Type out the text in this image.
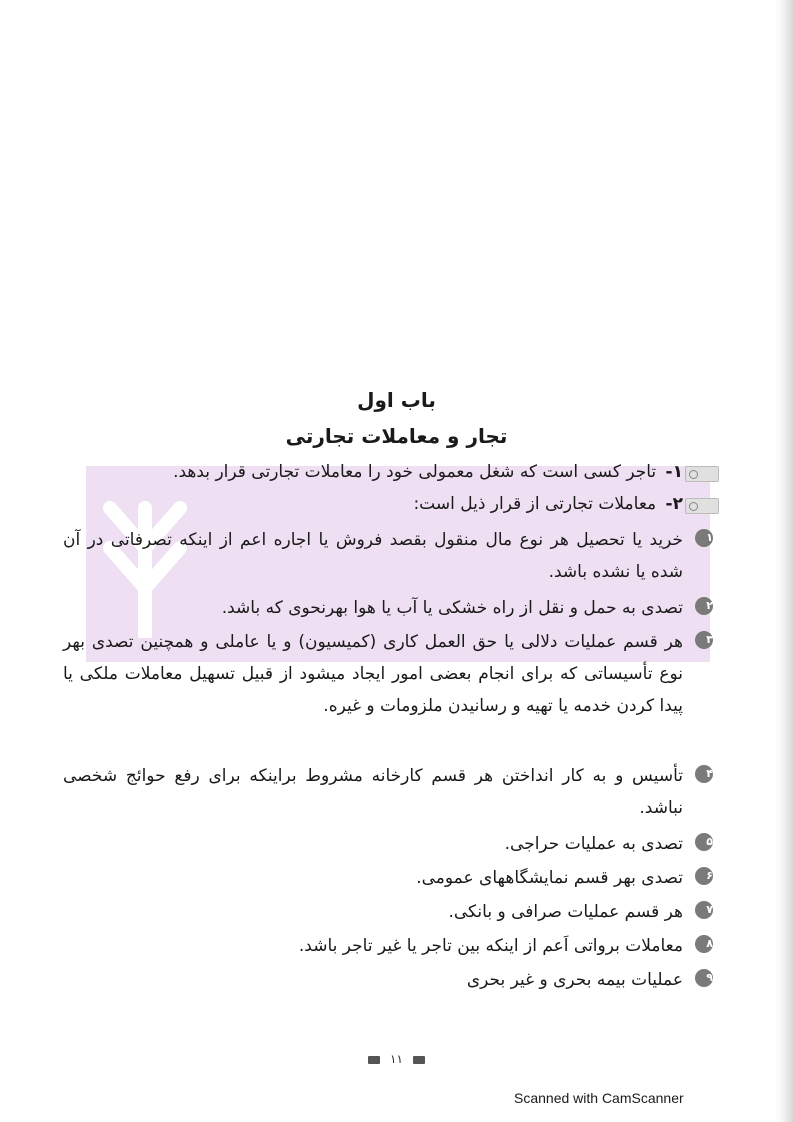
باب اول
تجار و معاملات تجارتی
۱- تاجر کسی است که شغل معمولی خود را معاملات تجارتی قرار بدهد.
۲- معاملات تجارتی از قرار ذیل است:
۱
خرید یا تحصیل هر نوع مال منقول بقصد فروش یا اجاره اعم از اینکه تصرفاتی در آن شده یا نشده باشد.
۲
تصدی به حمل و نقل از راه خشکی یا آب یا هوا بهرنحوی که باشد.
۳
هر قسم عملیات دلالی یا حق العمل کاری (کمیسیون) و یا عاملی و همچنین تصدی بهر نوع تأسیساتی که برای انجام بعضی امور ایجاد میشود از قبیل تسهیل معاملات ملکی یا پیدا کردن خدمه یا تهیه و رسانیدن ملزومات و غیره.
۴
تأسیس و به کار انداختن هر قسم کارخانه مشروط براینکه برای رفع حوائج شخصی نباشد.
۵
تصدی به عملیات حراجی.
۶
تصدی بهر قسم نمایشگاههای عمومی.
۷
هر قسم عملیات صرافی و بانکی.
۸
معاملات برواتی اَعم از اینکه بین تاجر یا غیر تاجر باشد.
۹
عملیات بیمه بحری و غیر بحری
۱۱
Scanned with CamScanner
